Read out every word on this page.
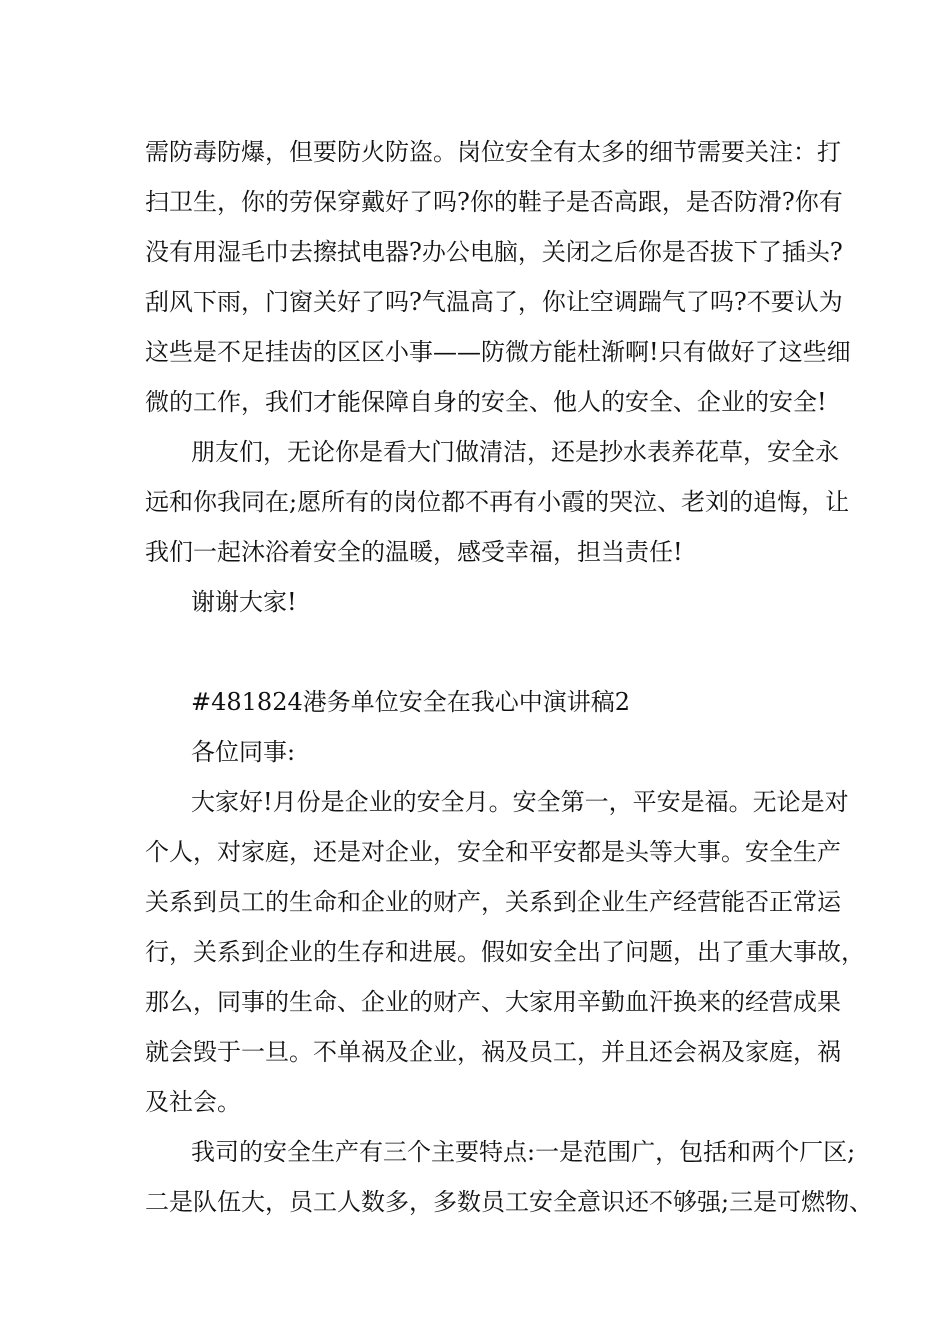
需防毒防爆，但要防火防盗。岗位安全有太多的细节需要关注：打
扫卫生，你的劳保穿戴好了吗?你的鞋子是否高跟，是否防滑?你有
没有用湿毛巾去擦拭电器?办公电脑，关闭之后你是否拔下了插头?
刮风下雨，门窗关好了吗?气温高了，你让空调踹气了吗?不要认为
这些是不足挂齿的区区小事——防微方能杜渐啊!只有做好了这些细
微的工作，我们才能保障自身的安全、他人的安全、企业的安全!
朋友们，无论你是看大门做清洁，还是抄水表养花草，安全永
远和你我同在;愿所有的岗位都不再有小霞的哭泣、老刘的追悔，让
我们一起沐浴着安全的温暖，感受幸福，担当责任!
谢谢大家!
#481824港务单位安全在我心中演讲稿2
各位同事:
大家好!月份是企业的安全月。安全第一，平安是福。无论是对
个人，对家庭，还是对企业，安全和平安都是头等大事。安全生产
关系到员工的生命和企业的财产，关系到企业生产经营能否正常运
行，关系到企业的生存和进展。假如安全出了问题，出了重大事故，
那么，同事的生命、企业的财产、大家用辛勤血汗换来的经营成果
就会毁于一旦。不单祸及企业，祸及员工，并且还会祸及家庭，祸
及社会。
我司的安全生产有三个主要特点:一是范围广，包括和两个厂区;
二是队伍大，员工人数多，多数员工安全意识还不够强;三是可燃物、
